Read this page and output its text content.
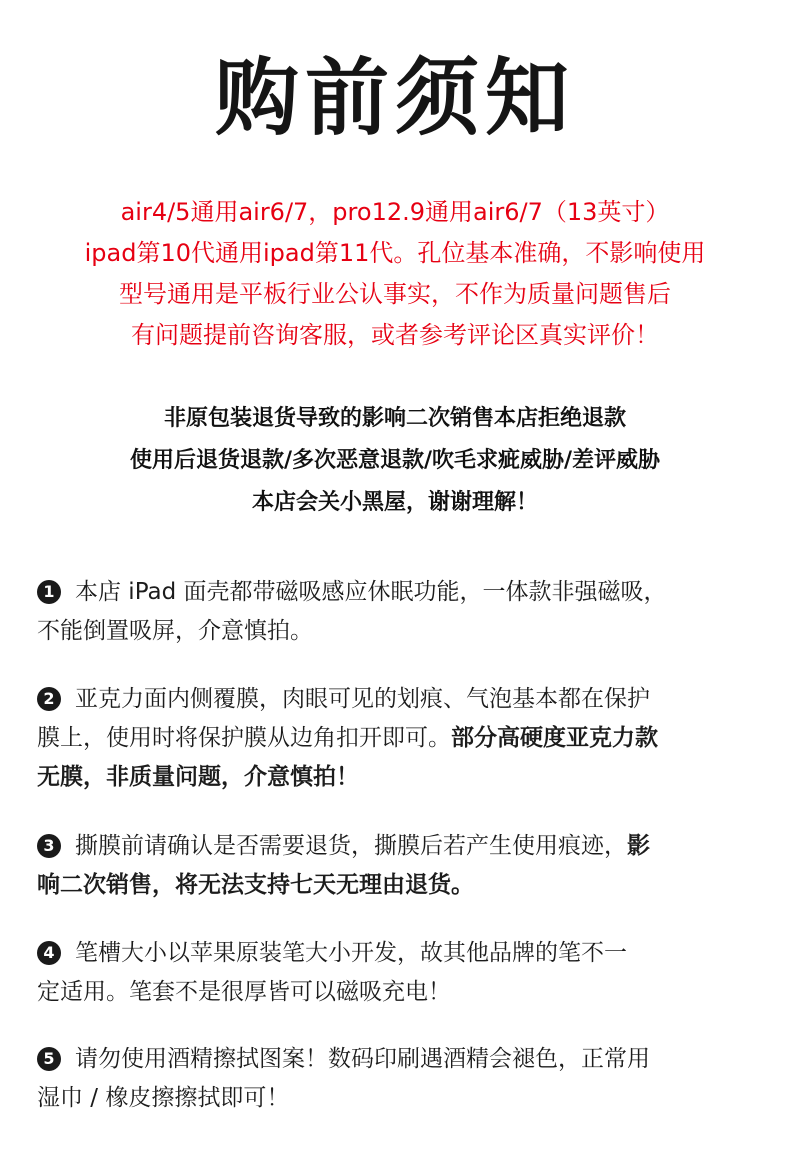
购前须知
air4/5通用air6/7，pro12.9通用air6/7（13英寸）
ipad第10代通用ipad第11代。孔位基本准确，不影响使用
型号通用是平板行业公认事实，不作为质量问题售后
有问题提前咨询客服，或者参考评论区真实评价！
非原包装退货导致的影响二次销售本店拒绝退款
使用后退货退款/多次恶意退款/吹毛求疵威胁/差评威胁
本店会关小黑屋，谢谢理解！
1 本店 iPad 面壳都带磁吸感应休眠功能，一体款非强磁吸，
不能倒置吸屏，介意慎拍。
2 亚克力面内侧覆膜，肉眼可见的划痕、气泡基本都在保护
膜上，使用时将保护膜从边角扣开即可。部分高硬度亚克力款
无膜，非质量问题，介意慎拍！
3 撕膜前请确认是否需要退货，撕膜后若产生使用痕迹，影
响二次销售，将无法支持七天无理由退货。
4 笔槽大小以苹果原装笔大小开发，故其他品牌的笔不一
定适用。笔套不是很厚皆可以磁吸充电！
5 请勿使用酒精擦拭图案！数码印刷遇酒精会褪色，正常用
湿巾 / 橡皮擦擦拭即可！
